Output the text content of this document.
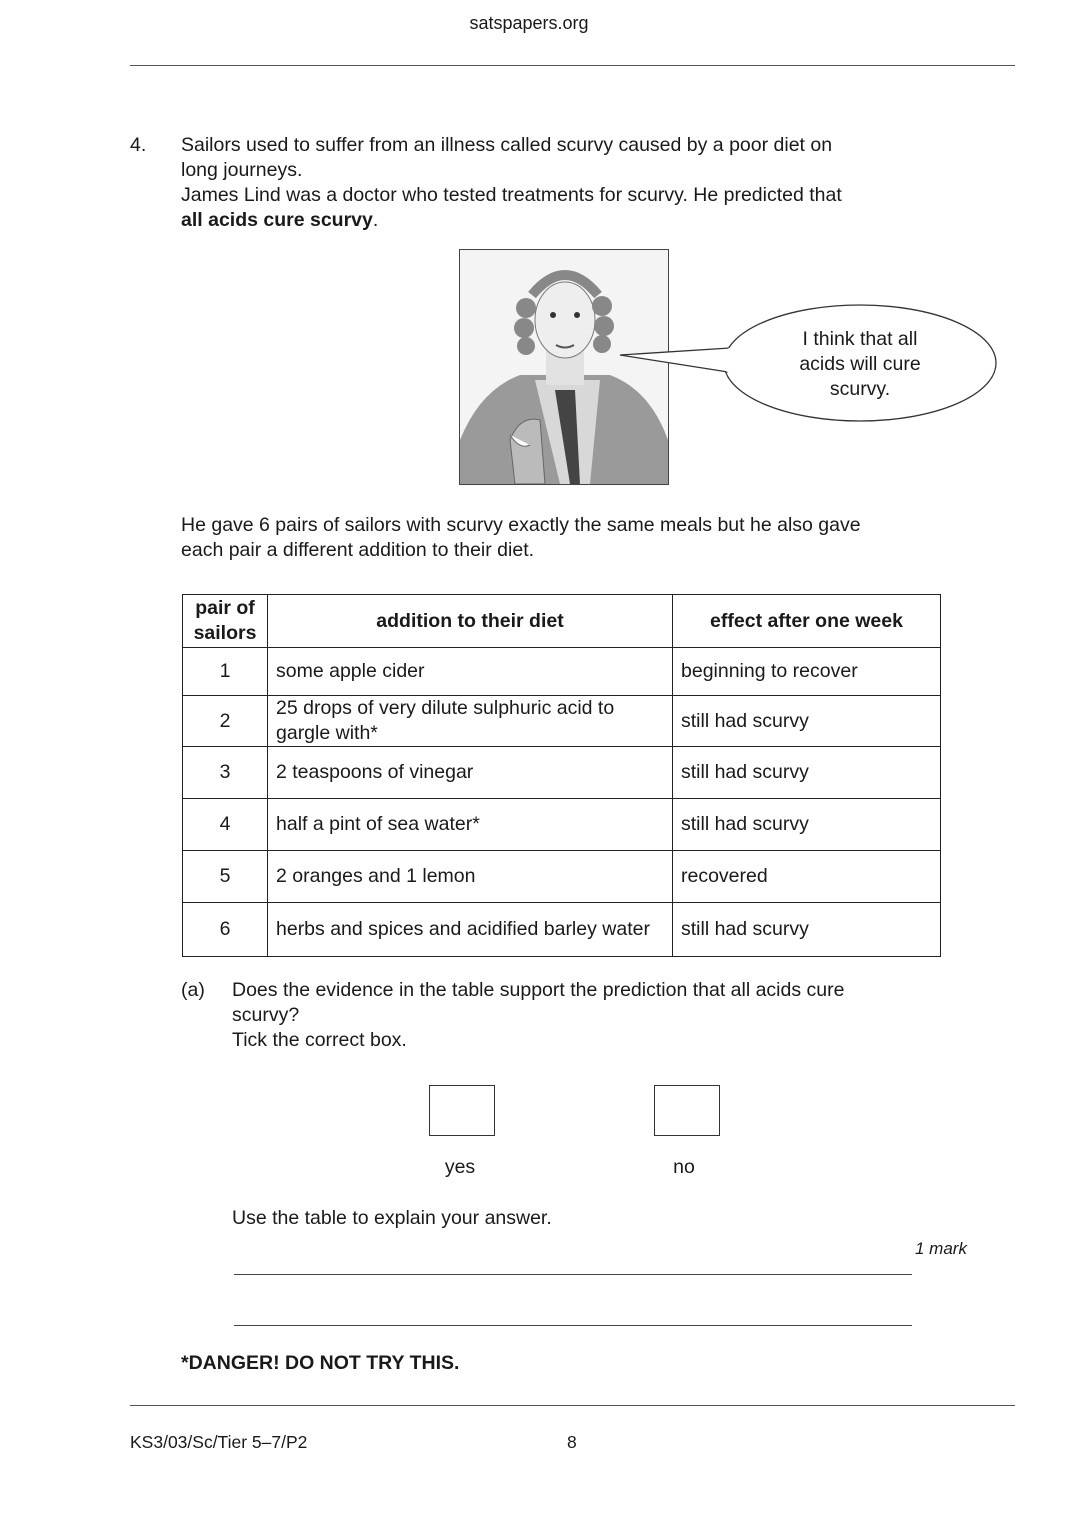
satspapers.org
4. Sailors used to suffer from an illness called scurvy caused by a poor diet on
long journeys.
James Lind was a doctor who tested treatments for scurvy. He predicted that
all acids cure scurvy.
I think that all
acids will cure
scurvy.
He gave 6 pairs of sailors with scurvy exactly the same meals but he also gave
each pair a different addition to their diet.
pair of sailors	addition to their diet	effect after one week
1	some apple cider	beginning to recover
2	25 drops of very dilute sulphuric acid to gargle with*	still had scurvy
3	2 teaspoons of vinegar	still had scurvy
4	half a pint of sea water*	still had scurvy
5	2 oranges and 1 lemon	recovered
6	herbs and spices and acidified barley water	still had scurvy
(a) Does the evidence in the table support the prediction that all acids cure
scurvy?
Tick the correct box.
yes	no
Use the table to explain your answer.
1 mark
*DANGER! DO NOT TRY THIS.
KS3/03/Sc/Tier 5–7/P2	8
